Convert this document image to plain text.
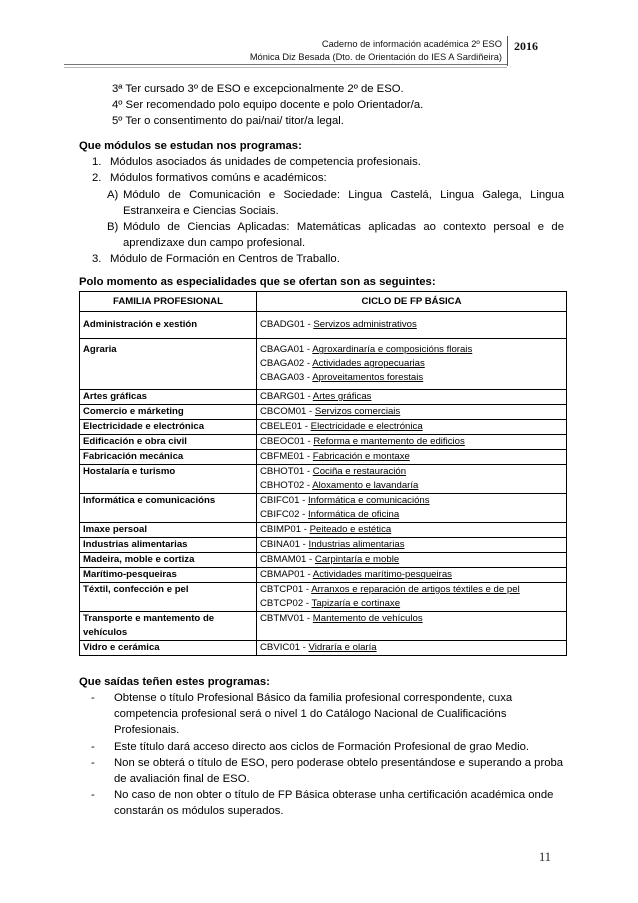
Caderno de información académica 2º ESO
Mónica Diz Besada (Dto. de Orientación do IES A Sardiñeira)
2016
3ª Ter cursado 3º de ESO e excepcionalmente 2º de ESO.
4º Ser recomendado polo equipo docente e polo Orientador/a.
5º Ter o consentimento do pai/nai/ titor/a legal.
Que módulos se estudan nos programas:
1. Módulos asociados ás unidades de competencia profesionais.
2. Módulos formativos comúns e académicos:
A) Módulo de Comunicación e Sociedade: Lingua Castelá, Lingua Galega, Lingua Estranxeira e Ciencias Sociais.
B) Módulo de Ciencias Aplicadas: Matemáticas aplicadas ao contexto persoal e de aprendizaxe dun campo profesional.
3. Módulo de Formación en Centros de Traballo.
Polo momento as especialidades que se ofertan son as seguintes:
FAMILIA PROFESIONAL	CICLO DE FP BÁSICA
Administración e xestión	CBADG01 - Servizos administrativos

Agraria	CBAGA01 - Agroxardinaría e composicións florais
CBAGA02 - Actividades agropecuarias
CBAGA03 - Aproveitamentos forestais

Artes gráficas	CBARG01 - Artes gráficas

Comercio e márketing	CBCOM01 - Servizos comerciais

Electricidade e electrónica	CBELE01 - Electricidade e electrónica

Edificación e obra civil	CBEOC01 - Reforma e mantemento de edificios

Fabricación mecánica	CBFME01 - Fabricación e montaxe

Hostalaría e turismo	CBHOT01 - Cociña e restauración
CBHOT02 - Aloxamento e lavandaría

Informática e comunicacións	CBIFC01 - Informática e comunicacións
CBIFC02 - Informática de oficina

Imaxe persoal	CBIMP01 - Peiteado e estética

Industrias alimentarias	CBINA01 - Industrias alimentarias

Madeira, moble e cortiza	CBMAM01 - Carpintaría e moble

Marítimo-pesqueiras	CBMAP01 - Actividades marítimo-pesqueiras

Téxtil, confección e pel	CBTCP01 - Arranxos e reparación de artigos téxtiles e de pel
CBTCP02 - Tapizaría e cortinaxe

Transporte e mantemento de vehículos	CBTMV01 - Mantemento de vehículos

Vidro e cerámica	CBVIC01 - Vidraría e olaría
Que saídas teñen estes programas:
-	Obtense o título Profesional Básico da familia profesional correspondente, cuxa competencia profesional será o nivel 1 do Catálogo Nacional de Cualificacións Profesionais.
-	Este título dará acceso directo aos ciclos de Formación Profesional de grao Medio.
-	Non se obterá o título de ESO, pero poderase obtelo presentándose e superando a proba de avaliación final de ESO.
-	No caso de non obter o título de FP Básica obterase unha certificación académica onde constarán os módulos superados.
11
